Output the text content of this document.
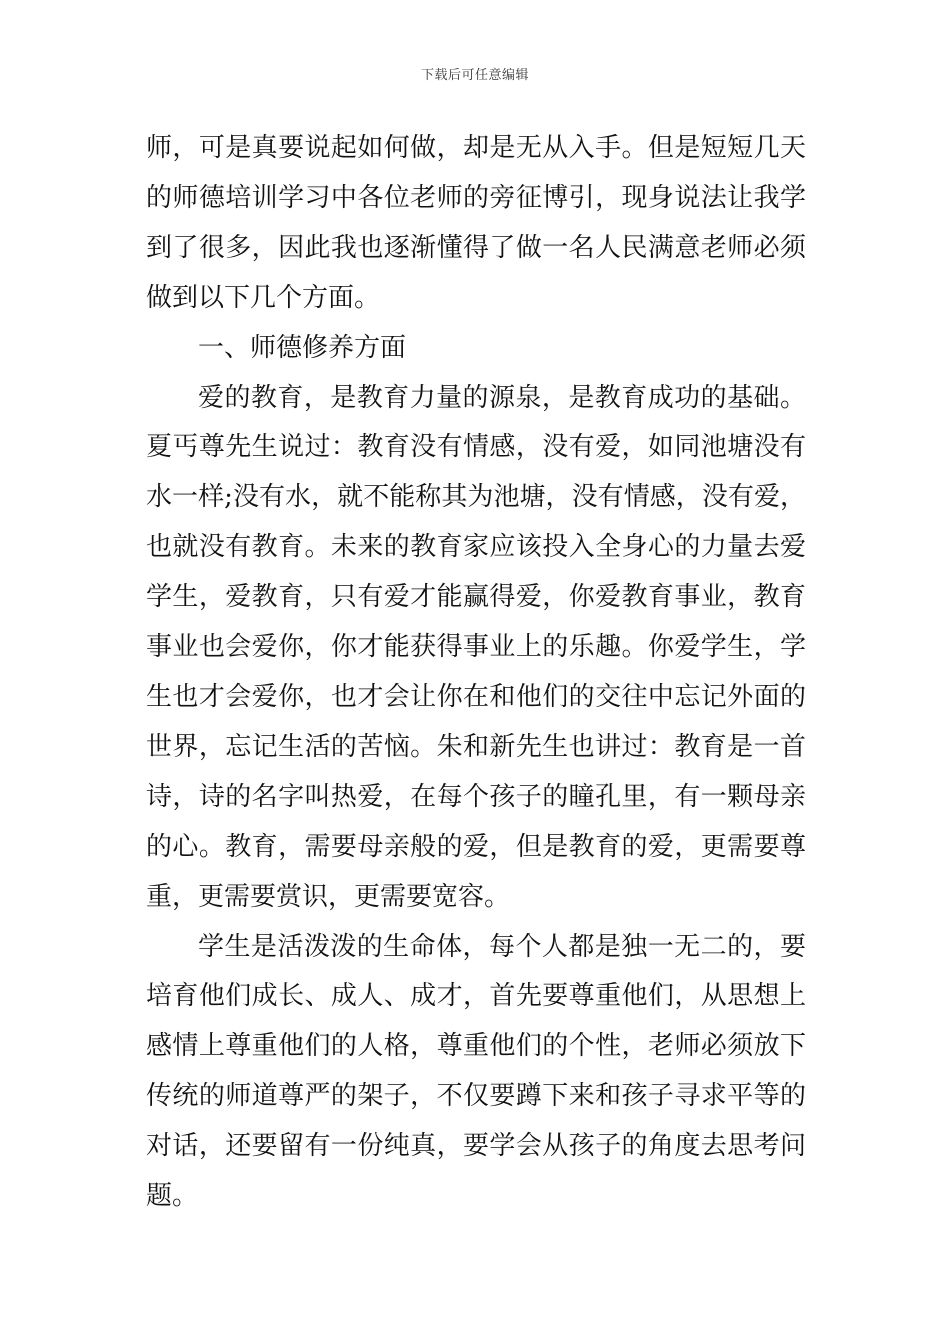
下载后可任意编辑

师，可是真要说起如何做，却是无从入手。但是短短几天的师德培训学习中各位老师的旁征博引，现身说法让我学到了很多，因此我也逐渐懂得了做一名人民满意老师必须做到以下几个方面。

一、师德修养方面

爱的教育，是教育力量的源泉，是教育成功的基础。夏丐尊先生说过：教育没有情感，没有爱，如同池塘没有水一样;没有水，就不能称其为池塘，没有情感，没有爱，也就没有教育。未来的教育家应该投入全身心的力量去爱学生，爱教育，只有爱才能赢得爱，你爱教育事业，教育事业也会爱你，你才能获得事业上的乐趣。你爱学生，学生也才会爱你，也才会让你在和他们的交往中忘记外面的世界，忘记生活的苦恼。朱和新先生也讲过：教育是一首诗，诗的名字叫热爱，在每个孩子的瞳孔里，有一颗母亲的心。教育，需要母亲般的爱，但是教育的爱，更需要尊重，更需要赏识，更需要宽容。

学生是活泼泼的生命体，每个人都是独一无二的，要培育他们成长、成人、成才，首先要尊重他们，从思想上感情上尊重他们的人格，尊重他们的个性，老师必须放下传统的师道尊严的架子，不仅要蹲下来和孩子寻求平等的对话，还要留有一份纯真，要学会从孩子的角度去思考问题。
